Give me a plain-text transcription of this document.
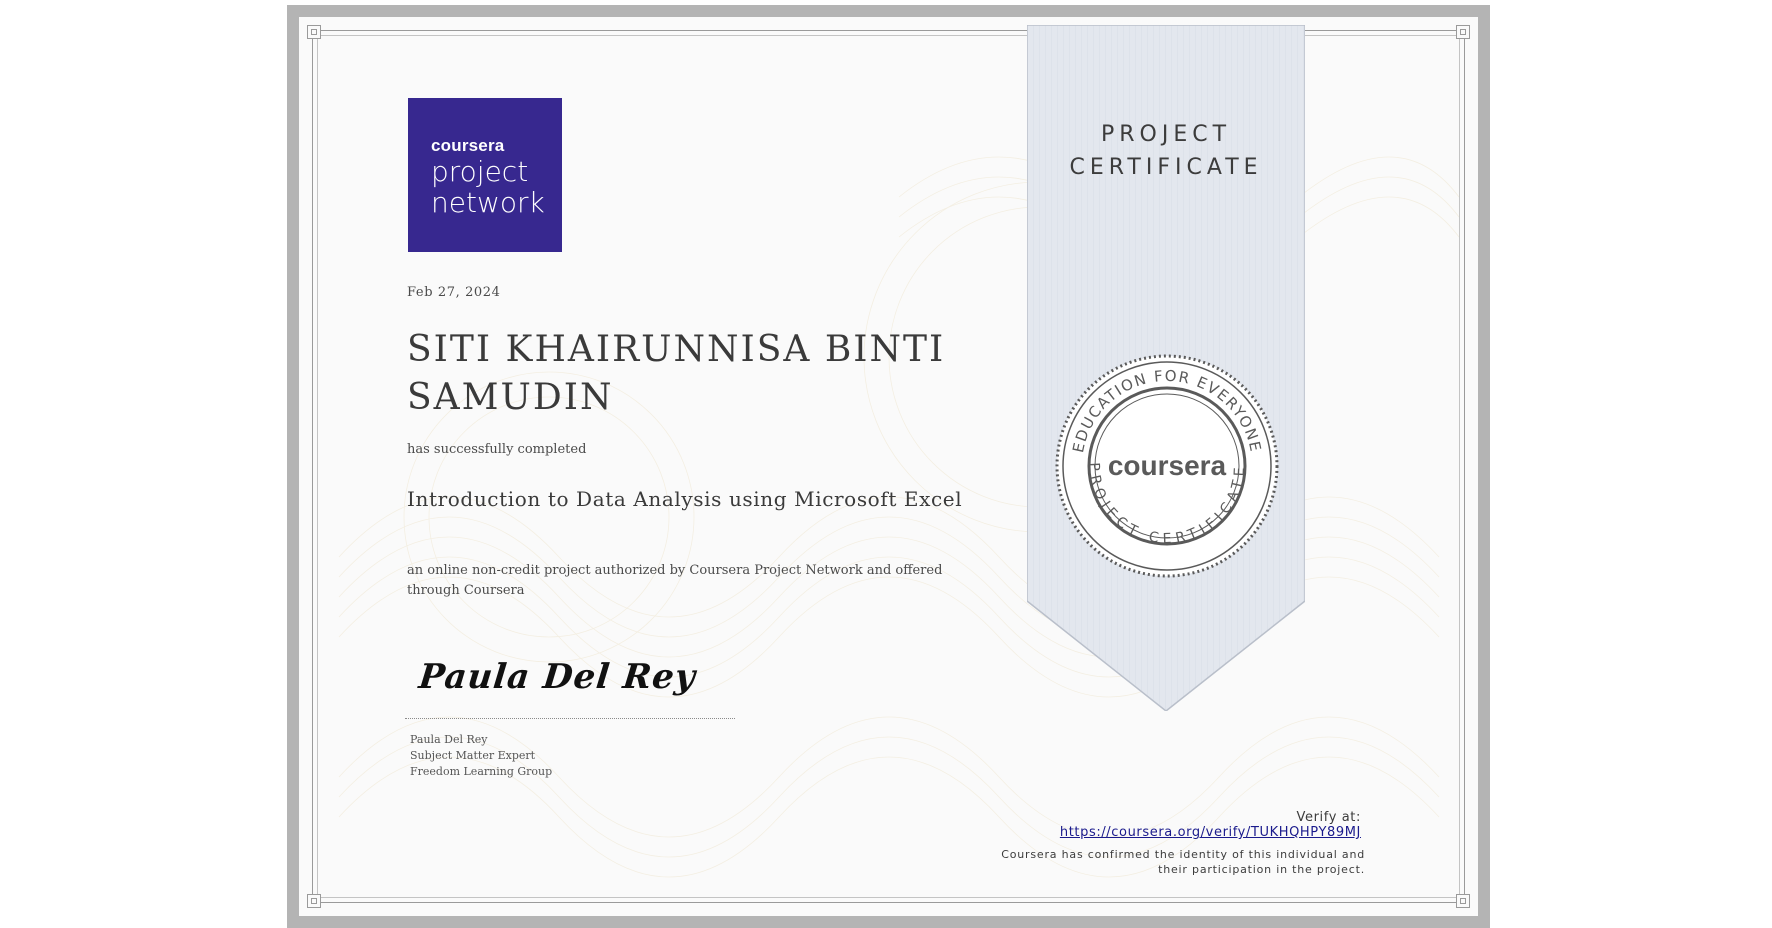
coursera
project
network
Feb 27, 2024
SITI KHAIRUNNISA BINTI SAMUDIN
has successfully completed
Introduction to Data Analysis using Microsoft Excel
an online non-credit project authorized by Coursera Project Network and offered through Coursera
Paula Del Rey
Paula Del Rey
Subject Matter Expert
Freedom Learning Group
PROJECT
CERTIFICATE
EDUCATION FOR EVERYONE
PROJECT CERTIFICATE
coursera
Verify at:
https://coursera.org/verify/TUKHQHPY89MJ
Coursera has confirmed the identity of this individual and
their participation in the project.
